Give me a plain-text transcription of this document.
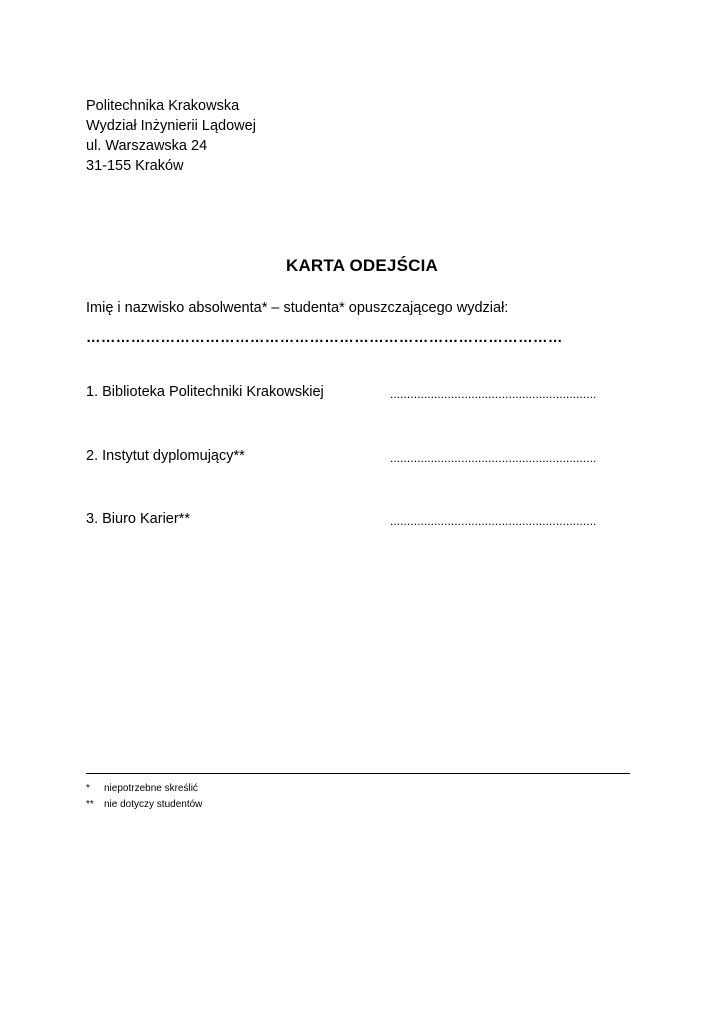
Politechnika Krakowska
Wydział Inżynierii Lądowej
ul. Warszawska 24
31-155 Kraków
KARTA ODEJŚCIA
Imię i nazwisko absolwenta* – studenta* opuszczającego wydział:
……………………………………………………………………………………
1. Biblioteka Politechniki Krakowskiej	.............................................................
2. Instytut dyplomujący**	.............................................................
3. Biuro Karier**	.............................................................
* niepotrzebne skreślić
** nie dotyczy studentów
